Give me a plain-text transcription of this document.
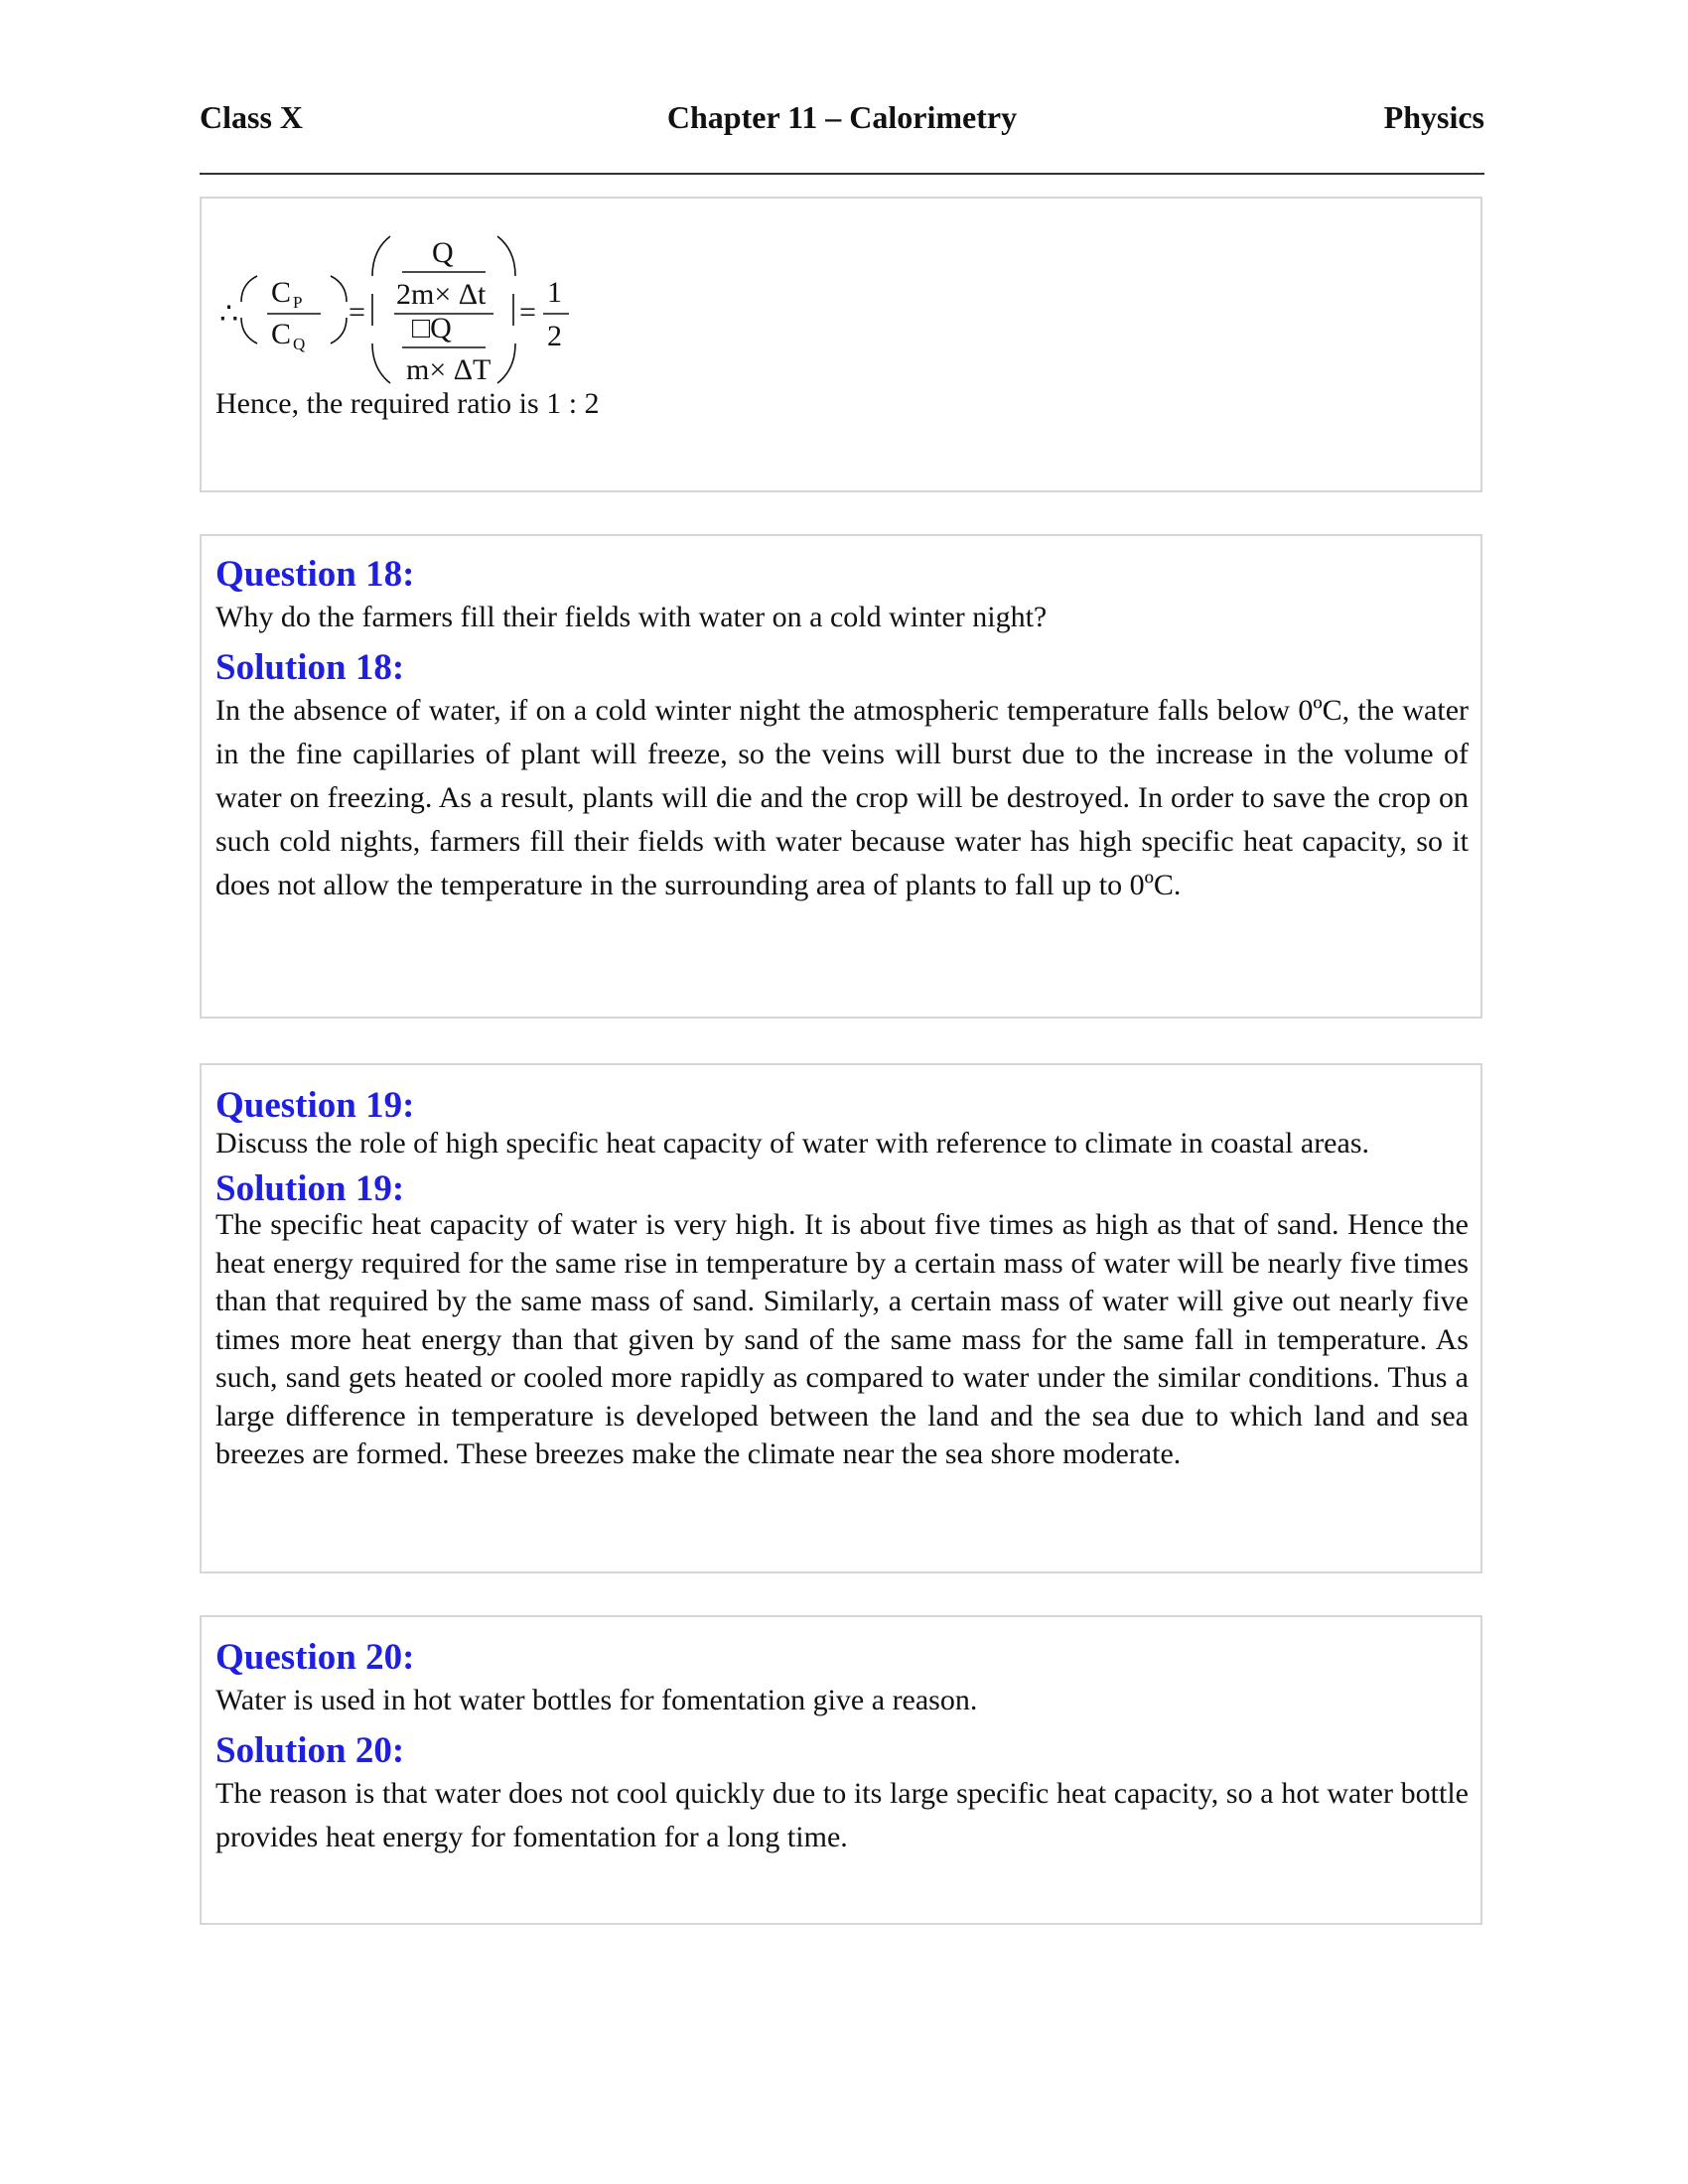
Class X	Chapter 11 – Calorimetry	Physics
∴
C P
C Q
=
Q
2m× Δt
□Q
m× ΔT
=
1
2

Hence, the required ratio is 1 : 2

Question 18:

Why do the farmers fill their fields with water on a cold winter night?

Solution 18:

In the absence of water, if on a cold winter night the atmospheric temperature falls below 0ºC, the water in the fine capillaries of plant will freeze, so the veins will burst due to the increase in the volume of water on freezing. As a result, plants will die and the crop will be destroyed. In order to save the crop on such cold nights, farmers fill their fields with water because water has high specific heat capacity, so it does not allow the temperature in the surrounding area of plants to fall up to 0ºC.

Question 19:

Discuss the role of high specific heat capacity of water with reference to climate in coastal areas.

Solution 19:

The specific heat capacity of water is very high. It is about five times as high as that of sand. Hence the heat energy required for the same rise in temperature by a certain mass of water will be nearly five times than that required by the same mass of sand. Similarly, a certain mass of water will give out nearly five times more heat energy than that given by sand of the same mass for the same fall in temperature. As such, sand gets heated or cooled more rapidly as compared to water under the similar conditions. Thus a large difference in temperature is developed between the land and the sea due to which land and sea breezes are formed. These breezes make the climate near the sea shore moderate.

Question 20:

Water is used in hot water bottles for fomentation give a reason.

Solution 20:

The reason is that water does not cool quickly due to its large specific heat capacity, so a hot water bottle provides heat energy for fomentation for a long time.
